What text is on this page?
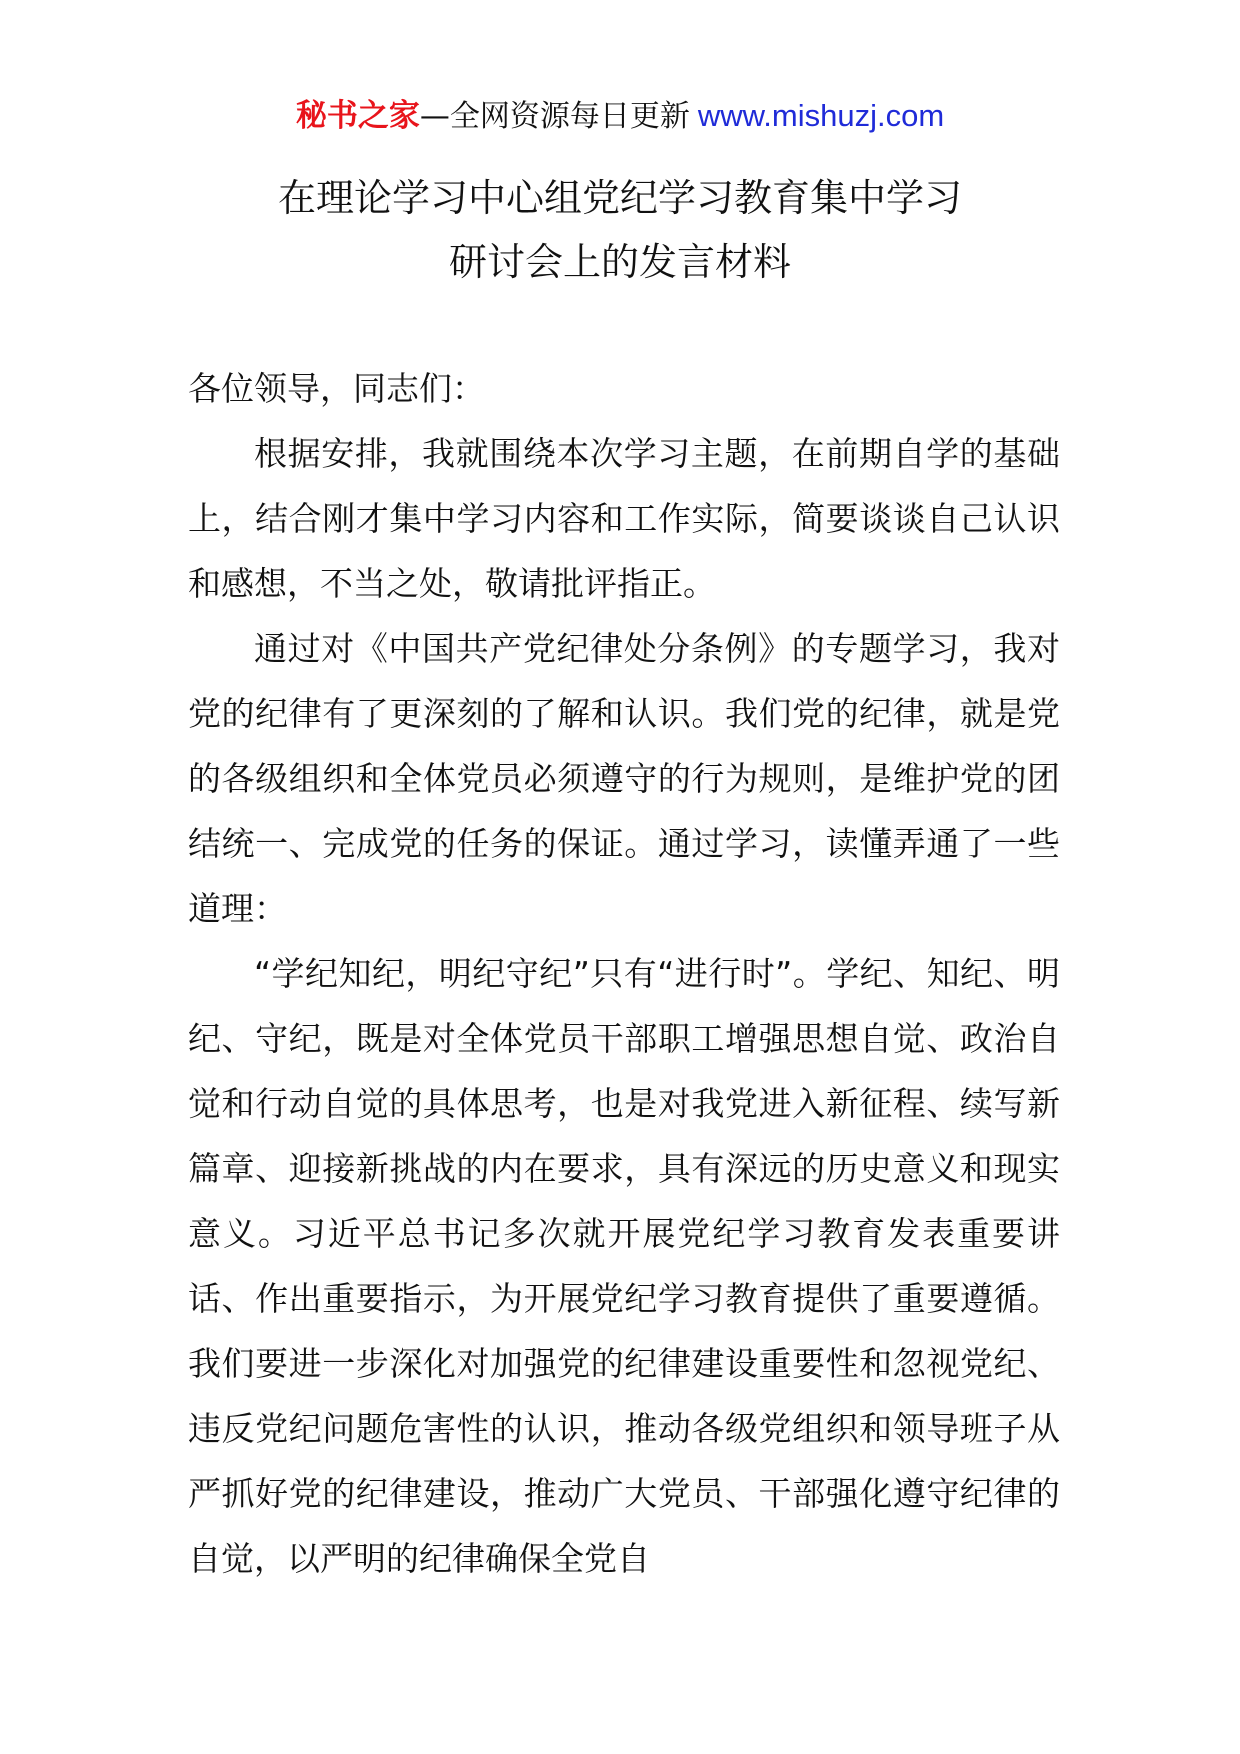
秘书之家—全网资源每日更新 www.mishuzj.com
在理论学习中心组党纪学习教育集中学习
研讨会上的发言材料

各位领导，同志们：

根据安排，我就围绕本次学习主题，在前期自学的基础上，结合刚才集中学习内容和工作实际，简要谈谈自己认识和感想，不当之处，敬请批评指正。

通过对《中国共产党纪律处分条例》的专题学习，我对党的纪律有了更深刻的了解和认识。我们党的纪律，就是党的各级组织和全体党员必须遵守的行为规则，是维护党的团结统一、完成党的任务的保证。通过学习，读懂弄通了一些道理：

“学纪知纪，明纪守纪”只有“进行时”。学纪、知纪、明纪、守纪，既是对全体党员干部职工增强思想自觉、政治自觉和行动自觉的具体思考，也是对我党进入新征程、续写新篇章、迎接新挑战的内在要求，具有深远的历史意义和现实意义。习近平总书记多次就开展党纪学习教育发表重要讲话、作出重要指示，为开展党纪学习教育提供了重要遵循。我们要进一步深化对加强党的纪律建设重要性和忽视党纪、违反党纪问题危害性的认识，推动各级党组织和领导班子从严抓好党的纪律建设，推动广大党员、干部强化遵守纪律的自觉，以严明的纪律确保全党自
